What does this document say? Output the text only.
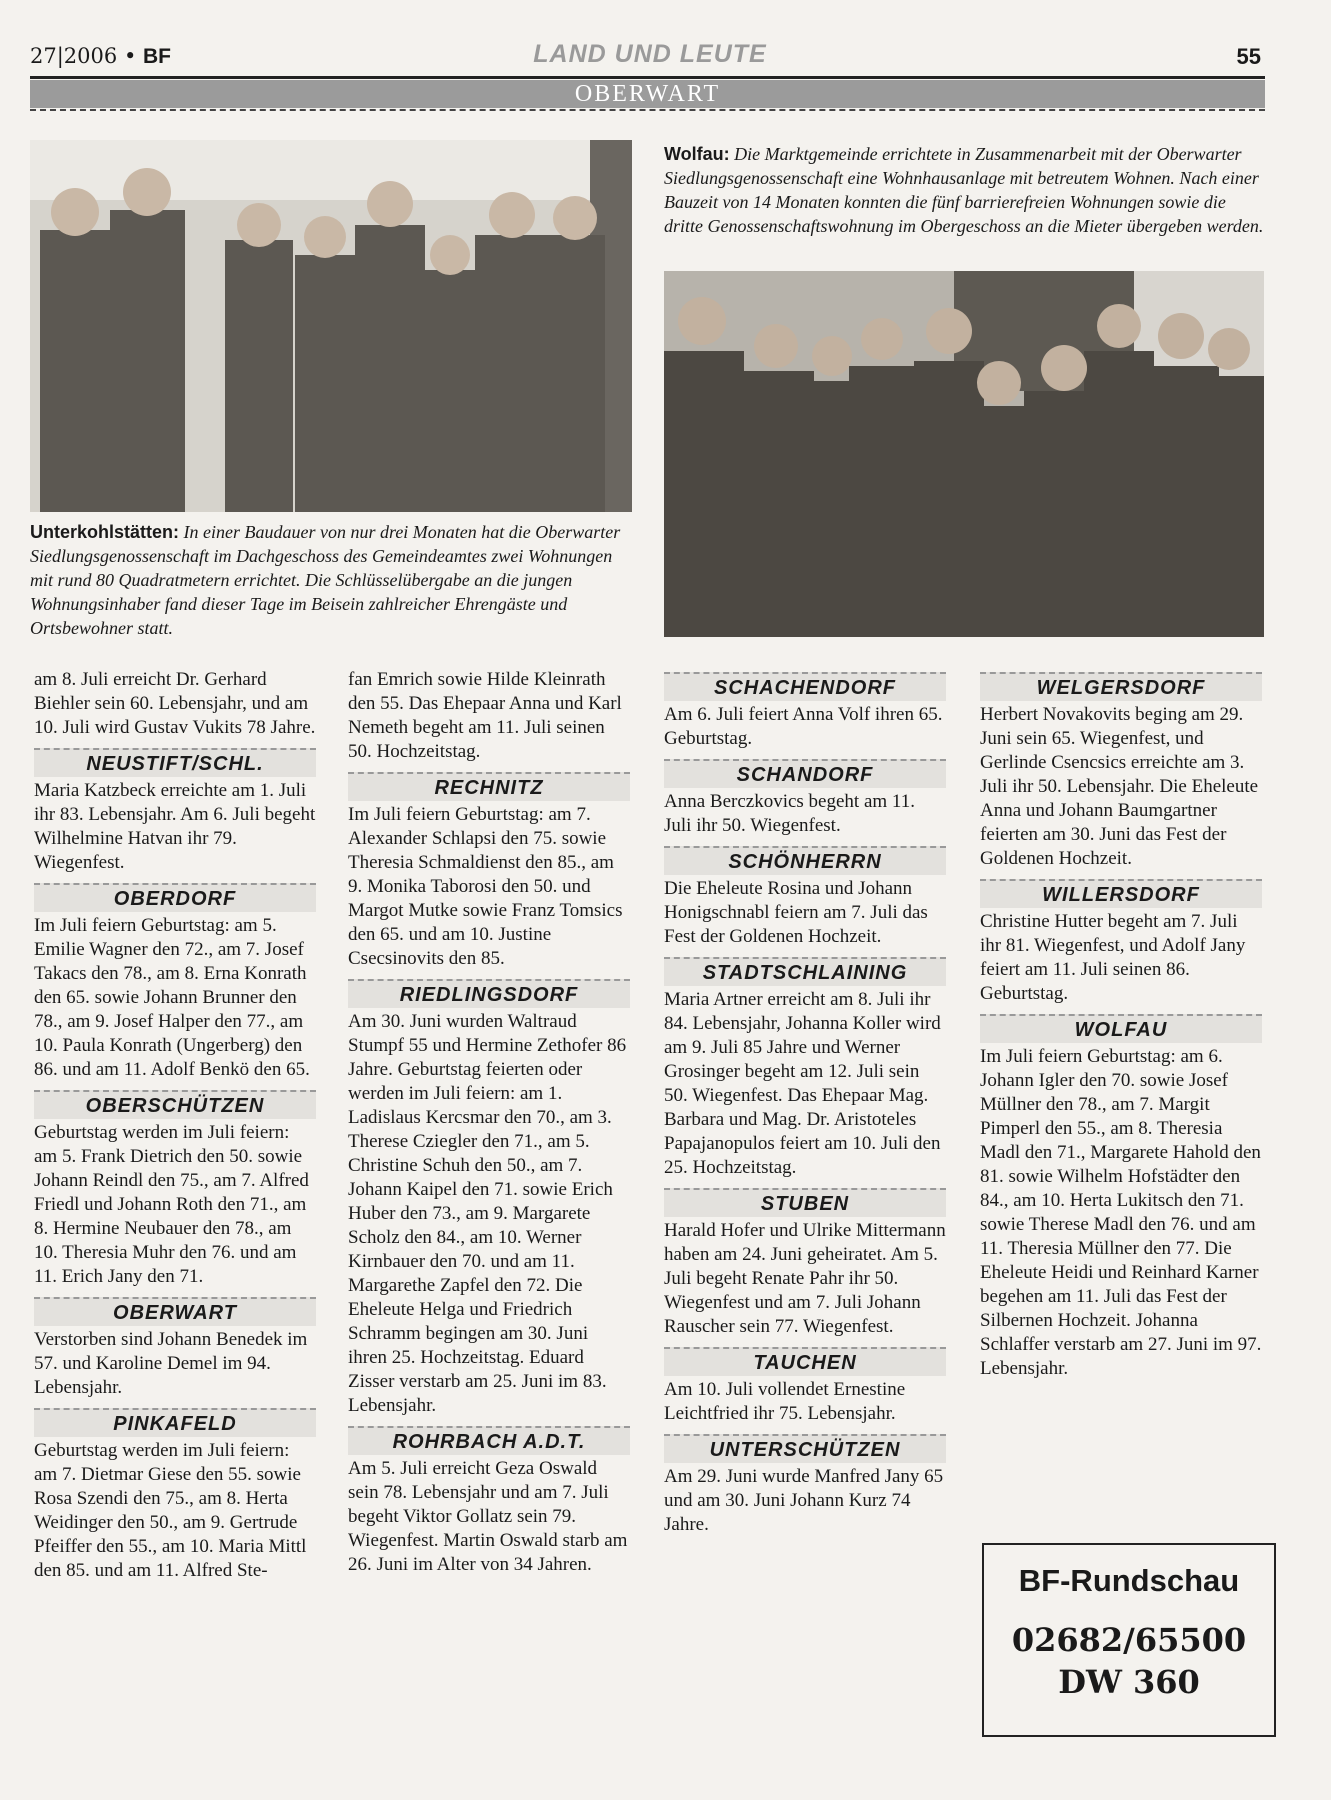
27|2006 • BF	LAND UND LEUTE	55
OBERWART
Unterkohlstätten: In einer Baudauer von nur drei Monaten hat die Oberwarter Siedlungsgenossenschaft im Dachgeschoss des Gemeindeamtes zwei Wohnungen mit rund 80 Quadratmetern errichtet. Die Schlüsselübergabe an die jungen Wohnungsinhaber fand dieser Tage im Beisein zahlreicher Ehrengäste und Ortsbewohner statt.
Wolfau: Die Marktgemeinde errichtete in Zusammenarbeit mit der Oberwarter Siedlungsgenossenschaft eine Wohnhausanlage mit betreutem Wohnen. Nach einer Bauzeit von 14 Monaten konnten die fünf barrierefreien Wohnungen sowie die dritte Genossenschaftswohnung im Obergeschoss an die Mieter übergeben werden.

am 8. Juli erreicht Dr. Gerhard Biehler sein 60. Lebensjahr, und am 10. Juli wird Gustav Vukits 78 Jahre.

NEUSTIFT/SCHL.

Maria Katzbeck erreichte am 1. Juli ihr 83. Lebensjahr. Am 6. Juli begeht Wilhelmine Hatvan ihr 79. Wiegenfest.

OBERDORF

Im Juli feiern Geburtstag: am 5. Emilie Wagner den 72., am 7. Josef Takacs den 78., am 8. Erna Konrath den 65. sowie Johann Brunner den 78., am 9. Josef Halper den 77., am 10. Paula Konrath (Ungerberg) den 86. und am 11. Adolf Benkö den 65.

OBERSCHÜTZEN

Geburtstag werden im Juli feiern: am 5. Frank Dietrich den 50. sowie Johann Reindl den 75., am 7. Alfred Friedl und Johann Roth den 71., am 8. Hermine Neubauer den 78., am 10. Theresia Muhr den 76. und am 11. Erich Jany den 71.

OBERWART

Verstorben sind Johann Benedek im 57. und Karoline Demel im 94. Lebensjahr.

PINKAFELD

Geburtstag werden im Juli feiern: am 7. Dietmar Giese den 55. sowie Rosa Szendi den 75., am 8. Herta Weidinger den 50., am 9. Gertrude Pfeiffer den 55., am 10. Maria Mittl den 85. und am 11. Alfred Ste-

fan Emrich sowie Hilde Kleinrath den 55. Das Ehepaar Anna und Karl Nemeth begeht am 11. Juli seinen 50. Hochzeitstag.

RECHNITZ

Im Juli feiern Geburtstag: am 7. Alexander Schlapsi den 75. sowie Theresia Schmaldienst den 85., am 9. Monika Taborosi den 50. und Margot Mutke sowie Franz Tomsics den 65. und am 10. Justine Csecsinovits den 85.

RIEDLINGSDORF

Am 30. Juni wurden Waltraud Stumpf 55 und Hermine Zethofer 86 Jahre. Geburtstag feierten oder werden im Juli feiern: am 1. Ladislaus Kercsmar den 70., am 3. Therese Cziegler den 71., am 5. Christine Schuh den 50., am 7. Johann Kaipel den 71. sowie Erich Huber den 73., am 9. Margarete Scholz den 84., am 10. Werner Kirnbauer den 70. und am 11. Margarethe Zapfel den 72. Die Eheleute Helga und Friedrich Schramm begingen am 30. Juni ihren 25. Hochzeitstag. Eduard Zisser verstarb am 25. Juni im 83. Lebensjahr.

ROHRBACH A.D.T.

Am 5. Juli erreicht Geza Oswald sein 78. Lebensjahr und am 7. Juli begeht Viktor Gollatz sein 79. Wiegenfest. Martin Oswald starb am 26. Juni im Alter von 34 Jahren.

SCHACHENDORF

Am 6. Juli feiert Anna Volf ihren 65. Geburtstag.

SCHANDORF

Anna Berczkovics begeht am 11. Juli ihr 50. Wiegenfest.

SCHÖNHERRN

Die Eheleute Rosina und Johann Honigschnabl feiern am 7. Juli das Fest der Goldenen Hochzeit.

STADTSCHLAINING

Maria Artner erreicht am 8. Juli ihr 84. Lebensjahr, Johanna Koller wird am 9. Juli 85 Jahre und Werner Grosinger begeht am 12. Juli sein 50. Wiegenfest. Das Ehepaar Mag. Barbara und Mag. Dr. Aristoteles Papajanopulos feiert am 10. Juli den 25. Hochzeitstag.

STUBEN

Harald Hofer und Ulrike Mittermann haben am 24. Juni geheiratet. Am 5. Juli begeht Renate Pahr ihr 50. Wiegenfest und am 7. Juli Johann Rauscher sein 77. Wiegenfest.

TAUCHEN

Am 10. Juli vollendet Ernestine Leichtfried ihr 75. Lebensjahr.

UNTERSCHÜTZEN

Am 29. Juni wurde Manfred Jany 65 und am 30. Juni Johann Kurz 74 Jahre.

WELGERSDORF

Herbert Novakovits beging am 29. Juni sein 65. Wiegenfest, und Gerlinde Csencsics erreichte am 3. Juli ihr 50. Lebensjahr. Die Eheleute Anna und Johann Baumgartner feierten am 30. Juni das Fest der Goldenen Hochzeit.

WILLERSDORF

Christine Hutter begeht am 7. Juli ihr 81. Wiegenfest, und Adolf Jany feiert am 11. Juli seinen 86. Geburtstag.

WOLFAU

Im Juli feiern Geburtstag: am 6. Johann Igler den 70. sowie Josef Müllner den 78., am 7. Margit Pimperl den 55., am 8. Theresia Madl den 71., Margarete Hahold den 81. sowie Wilhelm Hofstädter den 84., am 10. Herta Lukitsch den 71. sowie Therese Madl den 76. und am 11. Theresia Müllner den 77. Die Eheleute Heidi und Reinhard Karner begehen am 11. Juli das Fest der Silbernen Hochzeit. Johanna Schlaffer verstarb am 27. Juni im 97. Lebensjahr.

BF-Rundschau
02682/65500
DW 360
